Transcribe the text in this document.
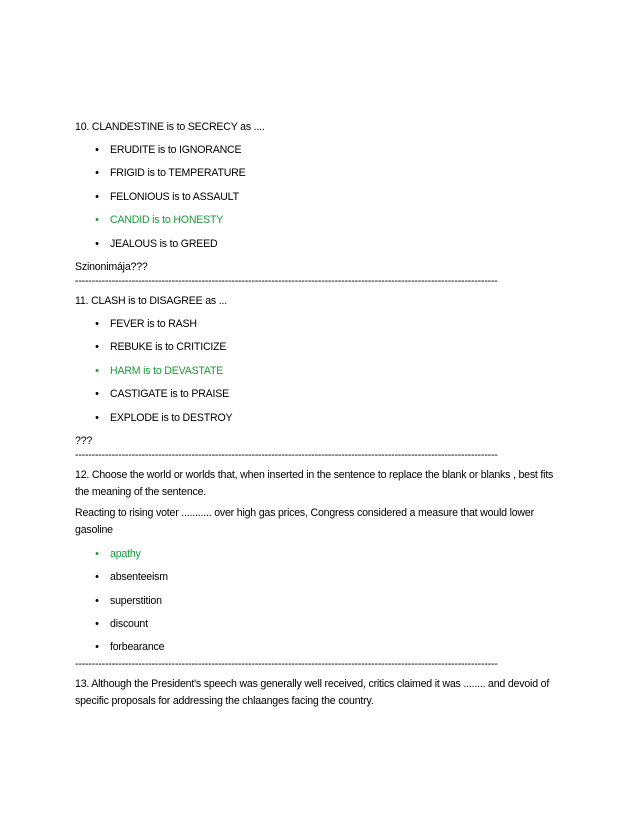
10. CLANDESTINE is to SECRECY as ....

• ERUDITE is to IGNORANCE
• FRIGID is to TEMPERATURE
• FELONIOUS is to ASSAULT
• CANDID is to HONESTY
• JEALOUS is to GREED

Szinonimája???

-------------------------------------------------------------------------------------------------------------------------------

11. CLASH is to DISAGREE as ...

• FEVER is to RASH
• REBUKE is to CRITICIZE
• HARM is to DEVASTATE
• CASTIGATE is to PRAISE
• EXPLODE is to DESTROY

???

-------------------------------------------------------------------------------------------------------------------------------

12. Choose the world or worlds that, when inserted in the sentence to replace the blank or blanks , best fits the meaning of the sentence.

Reacting to rising voter ........... over high gas prices, Congress considered a measure that would lower gasoline

• apathy
• absenteeism
• superstition
• discount
• forbearance
-------------------------------------------------------------------------------------------------------------------------------

13. Although the President's speech was generally well received, critics claimed it was ........ and devoid of specific proposals for addressing the chlaanges facing the country.
